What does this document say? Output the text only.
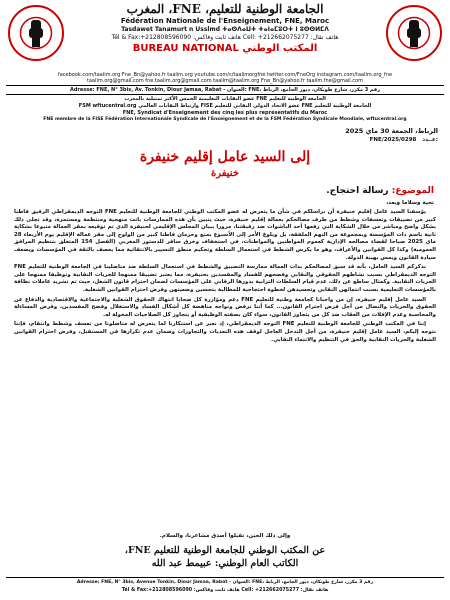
الجامعة الوطنية للتعليم، FNE، المغرب
Fédération Nationale de l'Enseignement, FNE, Maroc
Tasdawet Tanamurt n Usslmd ⵜⴰⵙⴷⴰⵡⵜ ⵜⴰⵏⴰⵎⵓⵔⵜ ⵏ ⵓⵙⵙⵍⵎⴷ
Tél & Fax:+212808596090 :هاتف ثابت وفاكس Cell: +212662075277 :هاتف نقال
BUREAU NATIONAL المكتب الوطني
facebook.com/taalim.org Fne_Bn@yahoo.fr taalim.org youtube.com/c/taalimorgfne twitter.com/FneOrg instagram.com/taalim.org_fne
taalim.org@gmail.com fne.taalim.org@gmail.com taalim@taalim.org Fne_Bn@yahoo.fr taalim.fne@gmail.com
Adresse: FNE, N° 3bis, Av. Tonkin, Diour Jamaa, Rabat - العنوان: FNE، رقم 3 مكرر، شارع طونكان، ديور الجامع، الرباط
الجامعة الوطنية للتعليم FNE عضو النقابات التعليمية الخمس الأكثر تمثيلية بالمغرب
الجامعة الوطنية للتعليم FNE عضو الاتحاد الدولي النقابي للتعليم FISE وارتباط النقابات العالمي FSM wftucentral.org
FNE, Syndicat d'Enseignement des cinq les plus représentatifs du Maroc
FNE membre de la FISE Fédération Internationale Syndicale de l'Enseignement et de la FSM Fédération Syndicale Mondiale, wftucentral.org
الرباط، الجمعة 30 ماي 2025
FNE/2025/0298 عــدد:
إلى السيد عامل إقليم خنيفرة
خنيفرة
الموضوع: رسالة احتجاج.
تحية وسلاما وبعد،

يؤسفنا السيد عامل إقليم خنيفرة أن نراسلكم في شأن ما يتعرض له عضو المكتب الوطني للجامعة الوطنية للتعليم FNE التوجه الديمقراطي الرفيق فاطنا كبير من تضييقات وتعسفات وشطط من طرف مصالحكم بعمالة إقليم خنيفرة، حيث يتبين بأن هذه الممارسات باتت منهجية ومنتظمة ومستمرة، وقد تجلى ذلك بشكل واضح ومباشر من خلال الشكاية التي رفعها أحد الباشوات ضد رفيقتنا، مرورا ببيان المجلس الإقليمي لخنيفرة الذي تم توقيعه بمقر العمالة متبوعا بشكاية ثانية باسم ذات المؤسسة وبمجموعة من التهم الملفقة، بل وبلوغ الأمر إلى الأسبوع بمنع وحرمان فاطنا كبير من الولوج إلى مقر عمالة الإقليم يوم الأربعاء 28 ماي 2025 صباحا لقضاء مصالحه الإدارية كعموم المواطنين والمواطنات، في استخفاف وخرق سافر للدستور المغربي (الفصل 154 المتعلق بتنظيم المرافق العمومية) وكذا كل القوانين والأعراف، وهو ما يكرس الشطط في استعمال السلطة وتحكيم منطق التسيير بالانتقائية مما يعصف بالثقة في المؤسسات ويضعف سيادة القانون ويمس بهيبة الدولة.

نذكركم السيد العامل، بأنه قد سبق لمصالحكم بذات العمالة ممارسة التضييق والشطط في استعمال السلطة ضد مناضلينا في الجامعة الوطنية للتعليم FNE التوجه الديمقراطي بسبب نشاطهم الحقوقي والنقابي وفضحهم للفساد والمفسدين بخنيفرة، مما يعتبر تضييقا ممنهجا للحريات النقابية وتوظيفا ممنهجا على الحريات النقابية. وكمثال ساطع عن ذلك، عدم قيام السلطات الترابية بدورها الرقابي على المؤسسات لضمان احترام قانون الشغل، حيث تم تشريد عاملات نظافة بالمؤسسات التعليمية بسبب انتمائهن النقابي وتجسيدهن لخطوة احتجاجية للمطالبة بتحسين وضعيتهن وفرض احترام القوانين الشغلية.

السيد عامل إقليم خنيفرة، إن من واجبانا كجامعة وطنية للتعليم FNE دعم ومؤازرة كل ضحايا انتهاك الحقوق الشغلية والاجتماعية والاقتصادية والدفاع عن الحقوق والحريات والنضال من أجل فرض احترام القانون... كما أننا نرفض ونواجه مناهضة كل أشكال الفساد والاستغلال وفضح المفسدين، وفرض المساءلة والمحاسبة وعدم الإفلات من العقاب ضد كل من يتجاوز القانون، سواء كان بصفته الوظيفية أو يتجاوز كل الصلاحيات المخولة له.

إننا في المكتب الوطني للجامعة الوطنية للتعليم FNE التوجه الديمقراطي، إذ نعبر عن استنكارنا لما يتعرض له مناضلونا من تعسف وشطط وانتقام، فإننا نتوجه إليكم، السيد عامل إقليم خنيفرة، من أجل التدخل العاجل لوقف هذه التعديات والتجاوزات وضمان عدم تكرارها في المستقبل، وفرض احترام القوانين الشغلية والحريات النقابية والحق في التنظيم والانتماء النقابي.

وإلى ذلك الحين، تقبلوا أصدق مشاعرنا، والسلام.
عن المكتب الوطني للجامعة الوطنية للتعليم FNE،
الكاتب العام الوطني: عبيمط عبد الله
Adresse: FNE, N° 3bis, Avenue Tonkin, Diour Jamaa, Rabat - العنوان: FNE، رقم 3 مكرر، شارع طونكان، ديور الجامع، الرباط
Tél & Fax:+212808596090 :هاتف ثابت وفاكس Cell: +212662075277 :هاتف نقال
